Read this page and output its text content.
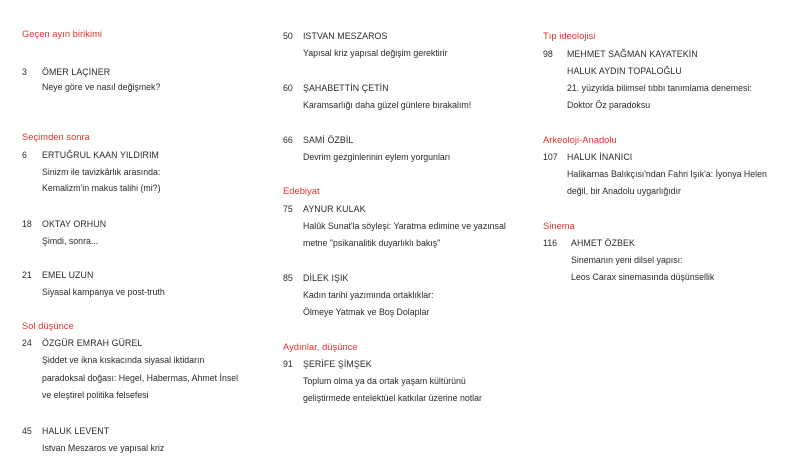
Geçen ayın birikimi
3 ÖMER LAÇİNER
Neye göre ve nasıl değişmek?
Seçimden sonra
6 ERTUĞRUL KAAN YILDIRIM
Sinizm ile tavizkârlık arasında:
Kemalizm'in makus talihi (mi?)
18 OKTAY ORHUN
Şimdi, sonra...
21 EMEL UZUN
Siyasal kampanya ve post-truth
Sol düşünce
24 ÖZGÜR EMRAH GÜREL
Şiddet ve ikna kıskacında siyasal iktidarın
paradoksal doğası: Hegel, Habermas, Ahmet İnsel
ve eleştirel politika felsefesi
45 HALUK LEVENT
Istvan Meszaros ve yapısal kriz
50 ISTVAN MESZAROS
Yapısal kriz yapısal değişim gerektirir
60 ŞAHABETTİN ÇETİN
Karamsarlığı daha güzel günlere bırakalım!
66 SAMİ ÖZBİL
Devrim gezginlerinin eylem yorgunları
Edebiyat
75 AYNUR KULAK
Halûk Sunat'la söyleşi: Yaratma edimine ve yazınsal
metne "psikanalitik duyarlıklı bakış"
85 DİLEK IŞIK
Kadın tarihi yazımında ortaklıklar:
Ölmeye Yatmak ve Boş Dolaplar
Aydınlar, düşünce
91 ŞERİFE ŞİMŞEK
Toplum olma ya da ortak yaşam kültürünü
geliştirmede entelektüel katkılar üzerine notlar
Tıp ideolojisi
98 MEHMET SAĞMAN KAYATEKİN
HALUK AYDIN TOPALOĞLU
21. yüzyılda bilimsel tıbbı tanımlama denemesi:
Doktor Öz paradoksu
Arkeoloji-Anadolu
107 HALUK İNANICI
Halikarnas Balıkçısı'ndan Fahri Işık'a: İyonya Helen
değil, bir Anadolu uygarlığıdır
Sinema
116 AHMET ÖZBEK
Sinemanın yeni dilsel yapısı:
Leos Carax sinemasında düşünsellik
